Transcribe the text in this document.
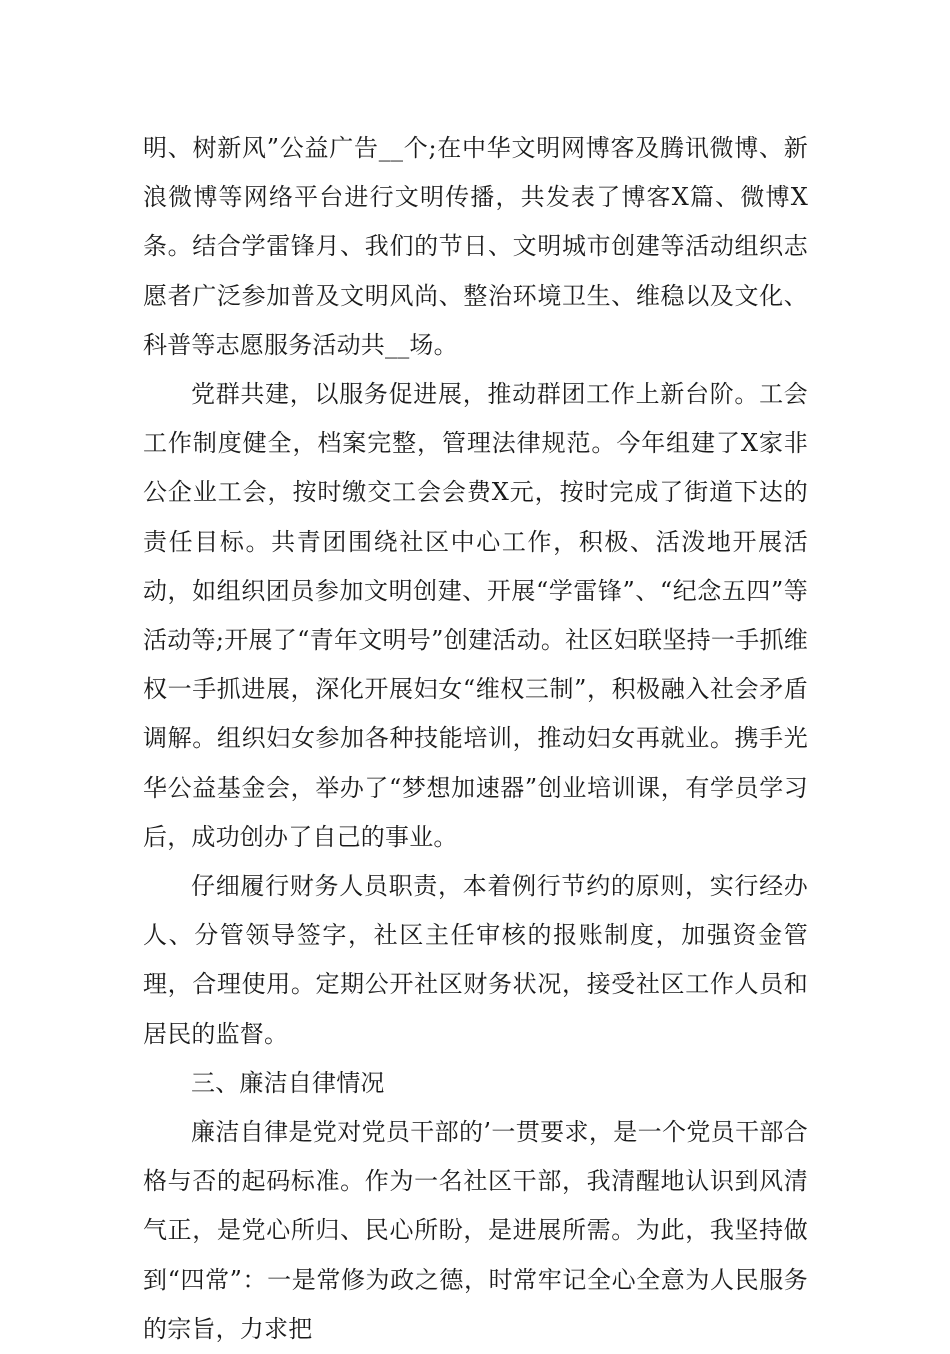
明、树新风”公益广告__个;在中华文明网博客及腾讯微博、新浪微博等网络平台进行文明传播，共发表了博客X篇、微博X条。结合学雷锋月、我们的节日、文明城市创建等活动组织志愿者广泛参加普及文明风尚、整治环境卫生、维稳以及文化、科普等志愿服务活动共__场。

党群共建，以服务促进展，推动群团工作上新台阶。工会工作制度健全，档案完整，管理法律规范。今年组建了X家非公企业工会，按时缴交工会会费X元，按时完成了街道下达的责任目标。共青团围绕社区中心工作，积极、活泼地开展活动，如组织团员参加文明创建、开展“学雷锋”、“纪念五四”等活动等;开展了“青年文明号”创建活动。社区妇联坚持一手抓维权一手抓进展，深化开展妇女“维权三制”，积极融入社会矛盾调解。组织妇女参加各种技能培训，推动妇女再就业。携手光华公益基金会，举办了“梦想加速器”创业培训课，有学员学习后，成功创办了自己的事业。

仔细履行财务人员职责，本着例行节约的原则，实行经办人、分管领导签字，社区主任审核的报账制度，加强资金管理，合理使用。定期公开社区财务状况，接受社区工作人员和居民的监督。

三、廉洁自律情况

廉洁自律是党对党员干部的’一贯要求，是一个党员干部合格与否的起码标准。作为一名社区干部，我清醒地认识到风清气正，是党心所归、民心所盼，是进展所需。为此，我坚持做到“四常”：一是常修为政之德，时常牢记全心全意为人民服务的宗旨，力求把
